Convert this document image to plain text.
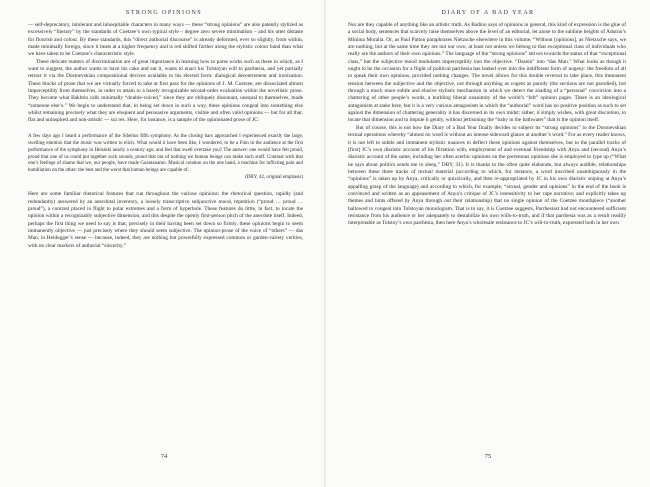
STRONG OPINIONS

— self-deprecatory, intolerant and inhospitable characters in many ways — these “strong opinions” are also patently stylized as excessively “literary” by the standards of Coetzee’s own typical style – degree zero severe minimalism – and his utter distaste for flourish and colour. By these standards, this “direct authorial discourse” is already deformed, ever so slightly, from within, made minimally foreign, since it beats at a higher frequency and is red shifted further along the stylistic colour band than what we have taken to be Coetzee’s characteristic style.

These delicate matters of discrimination are of great importance in learning how to parse works such as these in which, as I want to suggest, the author wants to have his cake and eat it, wants to enact his Tolstoyan will to parrhesia, and yet partially retract it via the Dostoevskian compositional devices available to his elected form: dialogical decentrement and ironization. These blocks of prose that we are virtually forced to take at first pass for the opinions of J. M. Coetzee, are dissociated almost imperceptibly from themselves, in order to attain to a barely recognizable second-order evaluation within the novelistic prose. They become what Bakhtin calls minimally “double-voiced,” since they are obliquely dissonant, unequal to themselves, made “someone else’s.” We begin to understand that, in being set down in such a way, these opinions congeal into something else whilst remaining precisely what they are eloquent and persuasive arguments, visible and often valid opinions — but for all that, flat and uninspired and non-artistic — sui res. Here, for instance, is a sample of the opinionated prose of JC:

A few days ago I heard a performance of the Sibelius fifth symphony. As the closing bars approached I experienced exactly the large, swelling emotion that the music was written to elicit. What would it have been like, I wondered, to be a Finn in the audience at the first performance of the symphony in Helsinki nearly a century ago, and feel that swell overtake you? The answer: one would have felt proud, proud that one of us could put together such sounds, proud that out of nothing we human beings can make such stuff. Contrast with that one’s feelings of shame that we, our people, have made Guantanamo. Musical creation on the one hand, a machine for inflicting pain and humiliation on the other: the best and the worst that human beings are capable of.
(DBY, 42, original emphasis)

Here are some familiar rhetorical features that run throughout the various opinions: the rhetorical question, rapidly (and redundantly) answered by an anecdotal inventory, a loosely transcriptive subjunctive mood, repetition (“proud … proud … proud”), a contrast placed in flight to polar extremes and a form of hyperbole. These features do little, in fact, to locate the opinion within a recognizably subjective dimension, and this despite the openly first-person pitch of the anecdote itself. Indeed, perhaps the first thing we need to say is that, precisely in their having been set down so firmly, these opinions begin to seem immanently objective — just precisely where they should seem subjective. The opinion-prose of the voice of “others” — das Man, in Heidegger’s sense — because, indeed, they are nothing but powerfully expressed common or garden-variety verities, with no clear markers of authorial “sincerity.”

74
DIARY OF A BAD YEAR

Nor are they capable of anything like an artistic truth. As Badiou says of opinions in general, this kind of expression is the glue of a social body, sentences that scarcely raise themselves above the level of an editorial, let alone to the sublime heights of Adorno’s Minima Moralia. Or, as Paul Patton paraphrases Nietzsche elsewhere in this volume, “Without [opinions], as Nietzsche says, we are nothing, but at the same time they are not our own, at least not unless we belong to that exceptional class of individuals who really are the authors of their own opinions.” The language of the “strong opinions” strives towards the status of that “exceptional class,” but the subjective mood modulates imperceptibly into the objective. “Dasein” into “das Man.” What looks as though it ought to be the occasion for a flight of political parrhesia has leaked over into the indifferent form of nogeny: the freedom of all to speak their own opinions, provided nothing changes. The novel allows for this double reversal to take place, this immanent tension between the subjective and the objective, not through anything as cogent as parody (the sections are not parodied), but through a much more subtle and elusive stylistic mechanism in which we detect the shading of a “personal” conviction into a chattering of other people’s words, a burbling liberal unanimity of the world’s “left” opinion pages. There is an ideological antagonism at stake here, but it is a very curious antagonism in which the “authorial” word has no positive position as such to set against the dimension of chattering generality it has discerned in its own midst; rather, it simply wishes, with great discretion, to locate that dimension and to impute it gently, without jettisoning the “baby in the bathwater” that is the opinion itself.

But of course, this is not how the Diary of a Bad Year finally decides to subject its “strong opinions” to the Dostoevskian textual operations whereby “almost no word is without an intense sideward glance at another’s word.” For as every reader knows, it is not left to subtle and immanent stylistic nuances to deflect these opinions against themselves, but to the parallel tracks of [first] JC’s own diaristic account of his flirtation with, employment of and eventual friendship with Anya and (second) Anya’s diaristic account of the same, including her often acerbic opinions on the portentous opinions she is employed to type up (“What he says about politics sends me to sleep,” DBY, 31). It is thanks to the often quite elaborate, but always audible, relationships between these three tracks of textual material (according to which, for instance, a word inscribed unambiguously in the “opinions” is taken up by Anya, critically or quizzically, and then re-appropriated by JC in his own diaristic sniping at Anya’s appalling grasp of the language) and according to which, for example, “sexual, gender and opinions” in the end of the book is convinced and written as an appeasement of Anya’s critique of JC’s insensitivity to her rape narrative; and explicitly takes up themes and hints offered by Anya through out their relationship) that no single opinion of the Coetzee mouthpiece (“another hallowed to congeal into Tolstoyan monologism. That is to say, it is Coetzee suggests, Parrhesiast had not encountered sufficient resistance from his audience or her adequately to destabilize his own wills-to-truth, and if that parrhesia was as a result readily interpretable as Tolstoy’s own parrhesia, then here Anya’s wholesale resistance to JC’s will-to-truth, expressed both in her own

75
